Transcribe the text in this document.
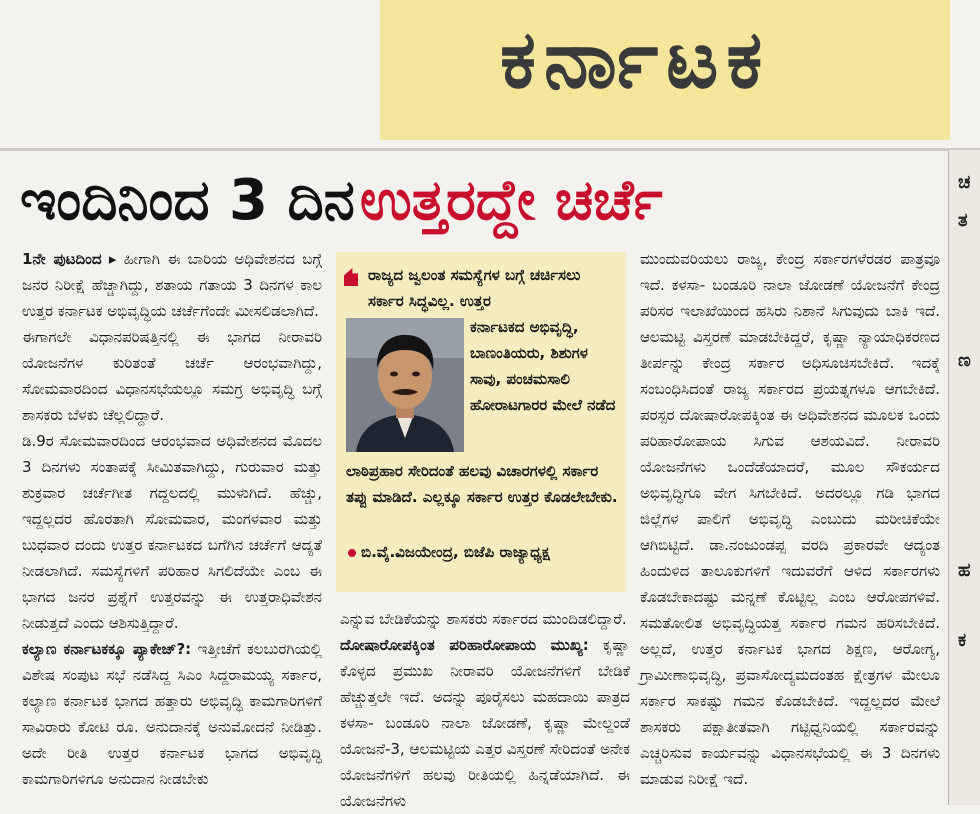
ಕರ್ನಾಟಕ
ಇಂದಿನಿಂದ 3 ದಿನ ಉತ್ತರದ್ದೇ ಚರ್ಚೆ	ಚ
ತ
ಣ
ಹ
ಕ

1ನೇ ಪುಟದಿಂದ ▸ ಹೀಗಾಗಿ ಈ ಬಾರಿಯ ಅಧಿವೇಶನದ ಬಗ್ಗೆ ಜನರ ನಿರೀಕ್ಷೆ ಹೆಚ್ಚಾಗಿದ್ದು, ಶತಾಯ ಗತಾಯ 3 ದಿನಗಳ ಕಾಲ ಉತ್ತರ ಕರ್ನಾಟಕ ಅಭಿವೃದ್ಧಿಯ ಚರ್ಚೆಗೆಂದೇ ಮೀಸಲಿಡಲಾಗಿದೆ.

ಈಗಾಗಲೇ ವಿಧಾನಪರಿಷತ್ತಿನಲ್ಲಿ ಈ ಭಾಗದ ನೀರಾವರಿ ಯೋಜನೆಗಳ ಕುರಿತಂತೆ ಚರ್ಚೆ ಆರಂಭವಾಗಿದ್ದು, ಸೋಮವಾರದಿಂದ ವಿಧಾನಸಭೆಯಲ್ಲೂ ಸಮಗ್ರ ಅಭಿವೃದ್ಧಿ ಬಗ್ಗೆ ಶಾಸಕರು ಬೆಳಕು ಚೆಲ್ಲಲಿದ್ದಾರೆ.

ಡಿ.9ರ ಸೋಮವಾರದಿಂದ ಆರಂಭವಾದ ಅಧಿವೇಶನದ ಮೊದಲ 3 ದಿನಗಳು ಸಂತಾಪಕ್ಕೆ ಸೀಮಿತವಾಗಿದ್ದು, ಗುರುವಾರ ಮತ್ತು ಶುಕ್ರವಾರ ಚರ್ಚೆಗೀತ ಗದ್ದಲದಲ್ಲಿ ಮುಳುಗಿದೆ. ಹೆಚ್ಚು, ಇದ್ದಲ್ಲದರ ಹೊರತಾಗಿ ಸೋಮವಾರ, ಮಂಗಳವಾರ ಮತ್ತು ಬುಧವಾರ ದಂದು ಉತ್ತರ ಕರ್ನಾಟಕದ ಬಗೆಗಿನ ಚರ್ಚೆಗೆ ಆದ್ಯತೆ ನೀಡಲಾಗಿದೆ. ಸಮಸ್ಯೆಗಳಿಗೆ ಪರಿಹಾರ ಸಿಗಲಿದೆಯೇ ಎಂಬ ಈ ಭಾಗದ ಜನರ ಪ್ರಶ್ನೆಗೆ ಉತ್ತರವನ್ನು ಈ ಉತ್ತರಾಧಿವೇಶನ ನೀಡುತ್ತದೆ ಎಂದು ಆಶಿಸುತ್ತಿದ್ದಾರೆ.

ಕಲ್ಯಾಣ ಕರ್ನಾಟಕಕ್ಕೂ ಪ್ಯಾಕೇಜ್?: ಇತ್ತೀಚೆಗೆ ಕಲಬುರಗಿಯಲ್ಲಿ ವಿಶೇಷ ಸಂಪುಟ ಸಭೆ ನಡೆಸಿದ್ದ ಸಿಎಂ ಸಿದ್ದರಾಮಯ್ಯ ಸರ್ಕಾರ, ಕಲ್ಯಾಣ ಕರ್ನಾಟಕ ಭಾಗದ ಹತ್ತಾರು ಅಭಿವೃದ್ಧಿ ಕಾಮಗಾರಿಗಳಿಗೆ ಸಾವಿರಾರು ಕೋಟಿ ರೂ. ಅನುದಾನಕ್ಕೆ ಅನುಮೋದನೆ ನೀಡಿತ್ತು. ಅದೇ ರೀತಿ ಉತ್ತರ ಕರ್ನಾಟಕ ಭಾಗದ ಅಭಿವೃದ್ಧಿ ಕಾಮಗಾರಿಗಳಿಗೂ ಅನುದಾನ ನೀಡಬೇಕು

ರಾಜ್ಯದ ಜ್ವಲಂತ ಸಮಸ್ಯೆಗಳ ಬಗ್ಗೆ ಚರ್ಚಿಸಲು ಸರ್ಕಾರ ಸಿದ್ಧವಿಲ್ಲ. ಉತ್ತರ
ಕರ್ನಾಟಕದ ಅಭಿವೃದ್ಧಿ, ಬಾಣಂತಿಯರು, ಶಿಶುಗಳ ಸಾವು, ಪಂಚಮಸಾಲಿ ಹೋರಾಟಗಾರರ ಮೇಲೆ ನಡೆದ
ಲಾಠಿಪ್ರಹಾರ ಸೇರಿದಂತೆ ಹಲವು ವಿಚಾರಗಳಲ್ಲಿ ಸರ್ಕಾರ ತಪ್ಪು ಮಾಡಿದೆ. ಎಲ್ಲಕ್ಕೂ ಸರ್ಕಾರ ಉತ್ತರ ಕೊಡಲೇಬೇಕು.
ಬಿ.ವೈ.ವಿಜಯೇಂದ್ರ, ಬಿಜೆಪಿ ರಾಜ್ಯಾಧ್ಯಕ್ಷ

ಎನ್ನುವ ಬೇಡಿಕೆಯನ್ನು ಶಾಸಕರು ಸರ್ಕಾರದ ಮುಂದಿಡಲಿದ್ದಾರೆ.

ದೋಷಾರೋಪಕ್ಕಿಂತ ಪರಿಹಾರೋಪಾಯ ಮುಖ್ಯ: ಕೃಷ್ಣಾ ಕೊಳ್ಳದ ಪ್ರಮುಖ ನೀರಾವರಿ ಯೋಜನೆಗಳಿಗೆ ಬೇಡಿಕೆ ಹೆಚ್ಚುತ್ತಲೇ ಇದೆ. ಅದನ್ನು ಪೂರೈಸಲು ಮಹದಾಯಿ ಪಾತ್ರದ ಕಳಸಾ- ಬಂಡೂರಿ ನಾಲಾ ಜೋಡಣೆ, ಕೃಷ್ಣಾ ಮೇಲ್ದಂಡೆ ಯೋಜನೆ-3, ಆಲಮಟ್ಟಿಯ ಎತ್ತರ ವಿಸ್ತರಣೆ ಸೇರಿದಂತೆ ಅನೇಕ ಯೋಜನೆಗಳಿಗೆ ಹಲವು ರೀತಿಯಲ್ಲಿ ಹಿನ್ನಡೆಯಾಗಿದೆ. ಈ ಯೋಜನೆಗಳು

ಮುಂದುವರಿಯಲು ರಾಜ್ಯ, ಕೇಂದ್ರ ಸರ್ಕಾರಗಳೆರಡರ ಪಾತ್ರವೂ ಇದೆ. ಕಳಸಾ- ಬಂಡೂರಿ ನಾಲಾ ಜೋಡಣೆ ಯೋಜನೆಗೆ ಕೇಂದ್ರ ಪರಿಸರ ಇಲಾಖೆಯಿಂದ ಹಸಿರು ನಿಶಾನೆ ಸಿಗುವುದು ಬಾಕಿ ಇದೆ. ಆಲಮಟ್ಟಿ ವಿಸ್ತರಣೆ ಮಾಡಬೇಕಿದ್ದರೆ, ಕೃಷ್ಣಾ ನ್ಯಾಯಾಧಿಕರಣದ ತೀರ್ಪನ್ನು ಕೇಂದ್ರ ಸರ್ಕಾರ ಅಧಿಸೂಚಿಸಬೇಕಿದೆ. ಇದಕ್ಕೆ ಸಂಬಂಧಿಸಿದಂತೆ ರಾಜ್ಯ ಸರ್ಕಾರದ ಪ್ರಯತ್ನಗಳೂ ಆಗಬೇಕಿದೆ. ಪರಸ್ಪರ ದೋಷಾರೋಪಕ್ಕಿಂತ ಈ ಅಧಿವೇಶನದ ಮೂಲಕ ಒಂದು ಪರಿಹಾರೋಪಾಯ ಸಿಗುವ ಆಶಯವಿದೆ. ನೀರಾವರಿ ಯೋಜನೆಗಳು ಒಂದೆಡೆಯಾದರೆ, ಮೂಲ ಸೌಕರ್ಯದ ಅಭಿವೃದ್ಧಿಗೂ ವೇಗ ಸಿಗಬೇಕಿದೆ. ಅದರಲ್ಲೂ ಗಡಿ ಭಾಗದ ಜಿಲ್ಲೆಗಳ ಪಾಲಿಗೆ ಅಭಿವೃದ್ಧಿ ಎಂಬುದು ಮರೀಚಿಕೆಯೇ ಆಗಿಬಿಟ್ಟಿದೆ. ಡಾ.ನಂಜುಂಡಪ್ಪ ವರದಿ ಪ್ರಕಾರವೇ ಆದ್ಯಂತ ಹಿಂದುಳಿದ ತಾಲೂಕುಗಳಿಗೆ ಇದುವರೆಗೆ ಆಳಿದ ಸರ್ಕಾರಗಳು ಕೊಡಬೇಕಾದಷ್ಟು ಮನ್ನಣೆ ಕೊಟ್ಟಿಲ್ಲ ಎಂಬ ಆರೋಪಗಳಿವೆ. ಸಮತೋಲಿತ ಅಭಿವೃದ್ಧಿಯತ್ತ ಸರ್ಕಾರ ಗಮನ ಹರಿಸಬೇಕಿದೆ. ಅಲ್ಲದೆ, ಉತ್ತರ ಕರ್ನಾಟಕ ಭಾಗದ ಶಿಕ್ಷಣ, ಆರೋಗ್ಯ, ಗ್ರಾಮೀಣಾಭಿವೃದ್ಧಿ, ಪ್ರವಾಸೋದ್ಯಮದಂತಹ ಕ್ಷೇತ್ರಗಳ ಮೇಲೂ ಸರ್ಕಾರ ಸಾಕಷ್ಟು ಗಮನ ಕೊಡಬೇಕಿದೆ. ಇದ್ದಲ್ಲದರ ಮೇಲೆ ಶಾಸಕರು ಪಕ್ಷಾತೀತವಾಗಿ ಗಟ್ಟಿಧ್ವನಿಯಲ್ಲಿ ಸರ್ಕಾರವನ್ನು ಎಚ್ಚರಿಸುವ ಕಾರ್ಯವನ್ನು ವಿಧಾನಸಭೆಯಲ್ಲಿ ಈ 3 ದಿನಗಳು ಮಾಡುವ ನಿರೀಕ್ಷೆ ಇದೆ.
